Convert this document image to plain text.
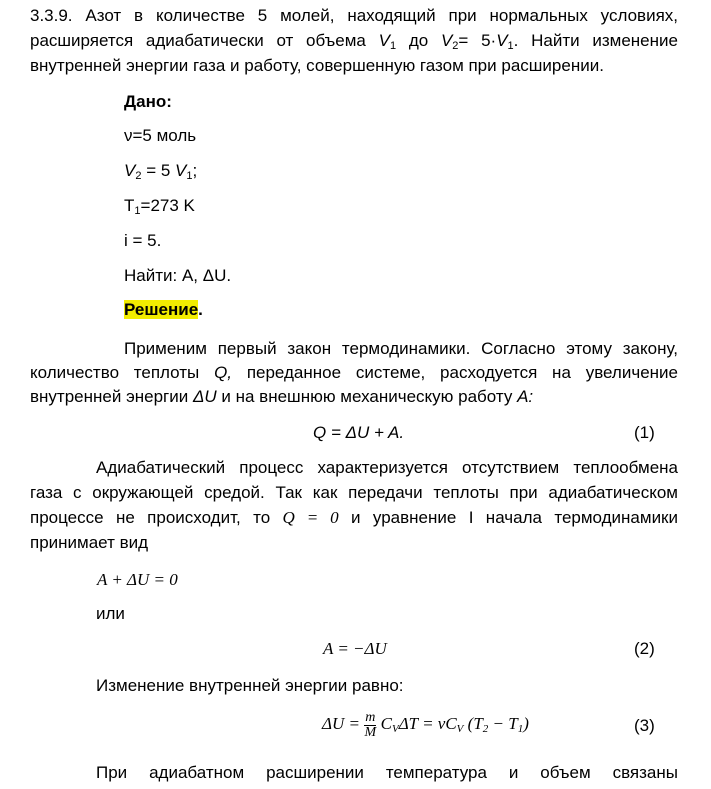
3.3.9. Азот в количестве 5 молей, находящий при нормальных условиях,
расширяется адиабатически от объема $V_1$ до $V_2= 5\cdot V_1$. Найти изменение
внутренней энергии газа и работу, совершенную газом при расширении.
Дано:
ν=5 моль
$V_2 = 5$ $V_1$;
$T_1=273$ K
i = 5.
Найти: A, ΔU.
Решение.
Применим первый закон термодинамики. Согласно этому закону,
количество теплоты Q, переданное системе, расходуется на увеличение
внутренней энергии ΔU и на внешнюю механическую работу A:
Q = ΔU + A.	(1)
Адиабатический процесс характеризуется отсутствием теплообмена
газа с окружающей средой. Так как передачи теплоты при адиабатическом
процессе не происходит, то Q = 0 и уравнение I начала термодинамики
принимает вид
A + ΔU = 0
или
A = −ΔU	(2)
Изменение внутренней энергии равно:
$\Delta U = \frac{m}{M} C_V\Delta T = \nu C_V$ $(T_2 - T_1)$	(3)
При адиабатном расширении температура и объем связаны
